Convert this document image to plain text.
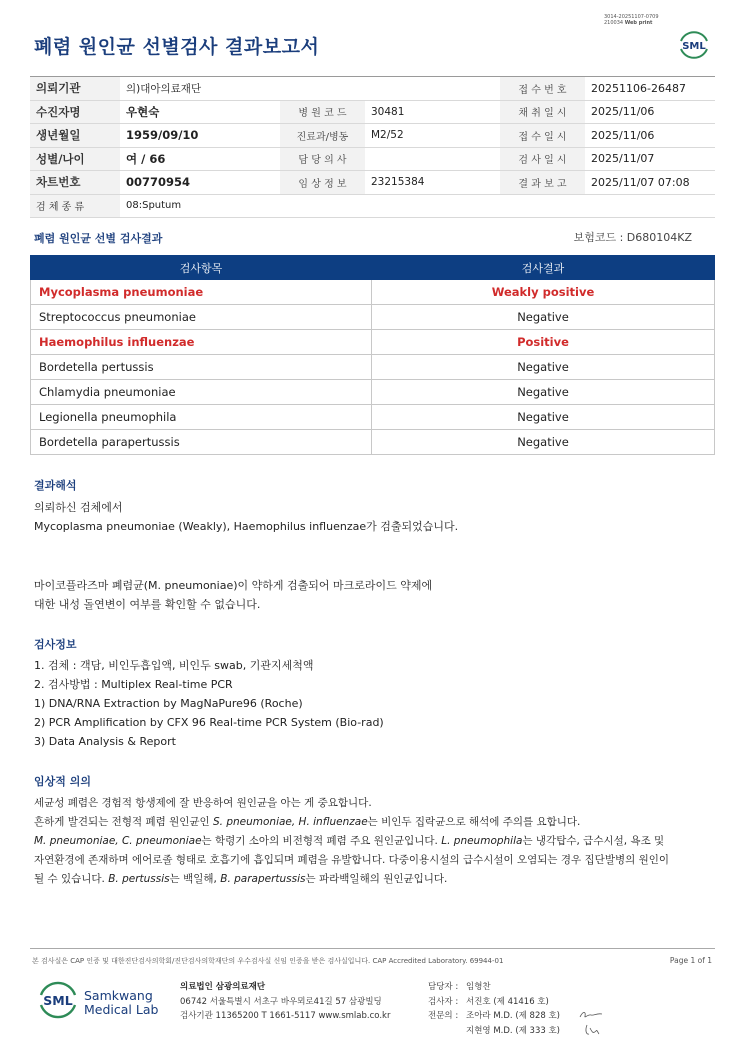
3014-20251107-0709
210034 Web print
폐렴 원인균 선별검사 결과보고서	SML
의뢰기관	의)대아의료재단			접 수 번 호	20251106-26487
수진자명	우현숙	병 원 코 드	30481	채 취 일 시	2025/11/06
생년월일	1959/09/10	진료과/병동	M2/52	접 수 일 시	2025/11/06
성별/나이	여 / 66	담 당 의 사		검 사 일 시	2025/11/07
차트번호	00770954	임 상 정 보	23215384	결 과 보 고	2025/11/07 07:08
검 체 종 류	08:Sputum				
폐렴 원인균 선별 검사결과	보험코드 : D680104KZ
검사항목	검사결과
Mycoplasma pneumoniae	Weakly positive
Streptococcus pneumoniae	Negative
Haemophilus influenzae	Positive
Bordetella pertussis	Negative
Chlamydia pneumoniae	Negative
Legionella pneumophila	Negative
Bordetella parapertussis	Negative
결과해석
의뢰하신 검체에서
Mycoplasma pneumoniae (Weakly), Haemophilus influenzae가 검출되었습니다.
마이코플라즈마 폐렴균(M. pneumoniae)이 약하게 검출되어 마크로라이드 약제에
대한 내성 돌연변이 여부를 확인할 수 없습니다.
검사정보
1. 검체 : 객담, 비인두흡입액, 비인두 swab, 기관지세척액
2. 검사방법 : Multiplex Real-time PCR
1) DNA/RNA Extraction by MagNaPure96 (Roche)
2) PCR Amplification by CFX 96 Real-time PCR System (Bio-rad)
3) Data Analysis & Report
임상적 의의
세균성 폐렴은 경험적 항생제에 잘 반응하여 원인균을 아는 게 중요합니다.
흔하게 발견되는 전형적 폐렴 원인균인 S. pneumoniae, H. influenzae는 비인두 집락균으로 해석에 주의를 요합니다.
M. pneumoniae, C. pneumoniae는 학령기 소아의 비전형적 폐렴 주요 원인균입니다. L. pneumophila는 냉각탑수, 급수시설, 욕조 및
자연환경에 존재하며 에어로졸 형태로 호흡기에 흡입되며 폐렴을 유발합니다. 다중이용시설의 급수시설이 오염되는 경우 집단발병의 원인이
될 수 있습니다. B. pertussis는 백일해, B. parapertussis는 파라백일해의 원인균입니다.
본 검사실은 CAP 인증 및 대한진단검사의학회/진단검사의학재단의 우수검사실 신임 인증을 받은 검사실입니다. CAP Accredited Laboratory. 69944-01	Page 1 of 1
SML Samkwang
Medical Lab
의료법인 삼광의료재단
06742 서울특별시 서초구 바우뫼로41길 57 삼광빌딩
검사기관 11365200 T 1661-5117 www.smlab.co.kr
담당자 : 임형찬
검사자 : 서진호 (제 41416 호)
전문의 : 조아라 M.D. (제 828 호)
지현영 M.D. (제 333 호)
